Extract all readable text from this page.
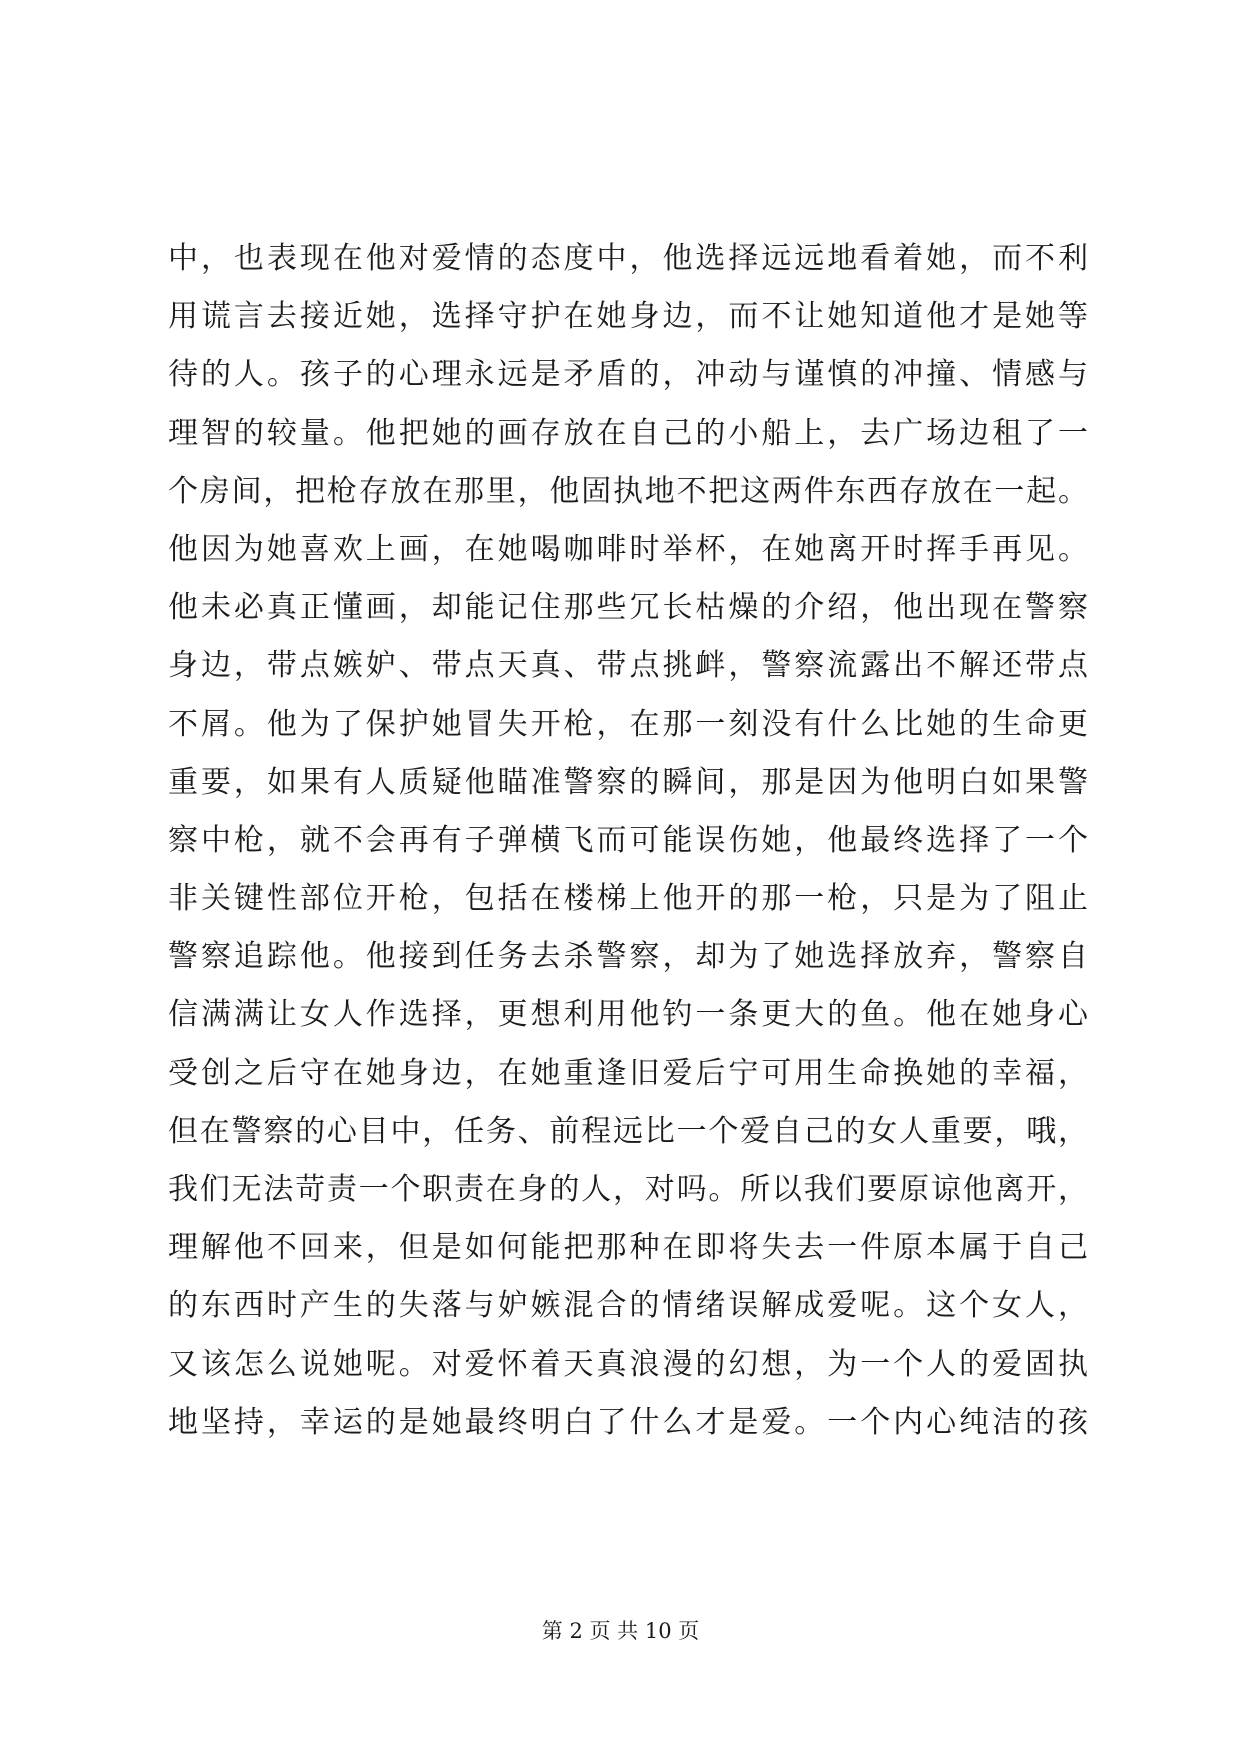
中，也表现在他对爱情的态度中，他选择远远地看着她，而不利
用谎言去接近她，选择守护在她身边，而不让她知道他才是她等
待的人。孩子的心理永远是矛盾的，冲动与谨慎的冲撞、情感与
理智的较量。他把她的画存放在自己的小船上，去广场边租了一
个房间，把枪存放在那里，他固执地不把这两件东西存放在一起。
他因为她喜欢上画，在她喝咖啡时举杯，在她离开时挥手再见。
他未必真正懂画，却能记住那些冗长枯燥的介绍，他出现在警察
身边，带点嫉妒、带点天真、带点挑衅，警察流露出不解还带点
不屑。他为了保护她冒失开枪，在那一刻没有什么比她的生命更
重要，如果有人质疑他瞄准警察的瞬间，那是因为他明白如果警
察中枪，就不会再有子弹横飞而可能误伤她，他最终选择了一个
非关键性部位开枪，包括在楼梯上他开的那一枪，只是为了阻止
警察追踪他。他接到任务去杀警察，却为了她选择放弃，警察自
信满满让女人作选择，更想利用他钓一条更大的鱼。他在她身心
受创之后守在她身边，在她重逢旧爱后宁可用生命换她的幸福，
但在警察的心目中，任务、前程远比一个爱自己的女人重要，哦，
我们无法苛责一个职责在身的人，对吗。所以我们要原谅他离开，
理解他不回来，但是如何能把那种在即将失去一件原本属于自己
的东西时产生的失落与妒嫉混合的情绪误解成爱呢。这个女人，
又该怎么说她呢。对爱怀着天真浪漫的幻想，为一个人的爱固执
地坚持，幸运的是她最终明白了什么才是爱。一个内心纯洁的孩
第 2 页 共 10 页
